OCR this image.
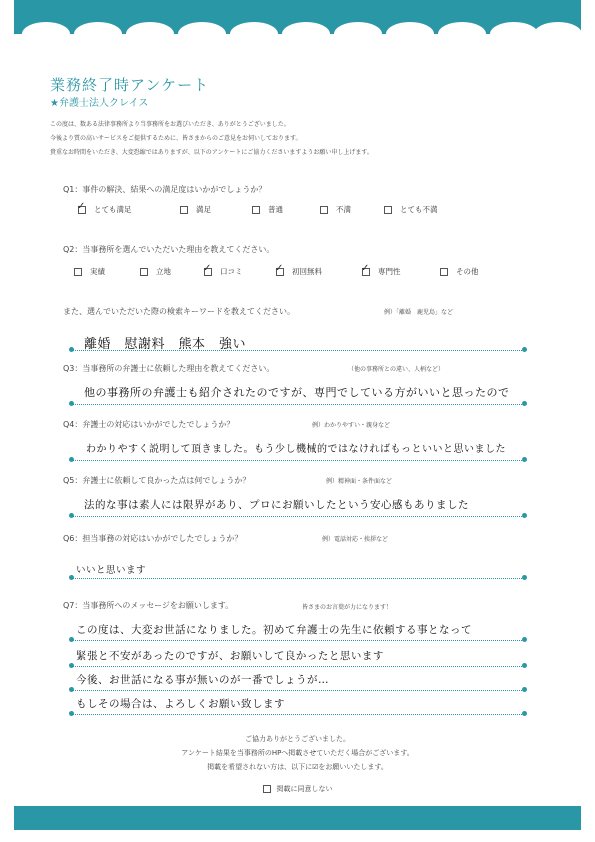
業務終了時アンケート
★弁護士法人クレイス
この度は、数ある法律事務所より当事務所をお選びいただき、ありがとうございました。
今後より質の高いサービスをご提供するために、皆さまからのご意見をお伺いしております。
貴重なお時間をいただき、大変恐縮ではありますが、以下のアンケートにご協力くださいますようお願い申し上げます。
Q1：事件の解決、結果への満足度はいかがでしょうか？
✓とても満足	満足	普通	不満	とても不満
Q2：当事務所を選んでいただいた理由を教えてください。
実績	立地 ✓	口コミ ✓	初回無料 ✓	専門性	その他
また、選んでいただいた際の検索キーワードを教えてください。	例）「離婚　鹿児島」など
離婚　慰謝料　熊本　強い
Q3：当事務所の弁護士に依頼した理由を教えてください。	（他の事務所との違い、人柄など）
他の事務所の弁護士も紹介されたのですが、専門でしている方がいいと思ったので
Q4：弁護士の対応はいかがでしたでしょうか？	例）わかりやすい・親身など
わかりやすく説明して頂きました。もう少し機械的ではなければもっといいと思いました
Q5：弁護士に依頼して良かった点は何でしょうか？	例）精神面・条件面など
法的な事は素人には限界があり、プロにお願いしたという安心感もありました
Q6：担当事務の対応はいかがでしたでしょうか？	例）電話対応・挨拶など
いいと思います
Q7：当事務所へのメッセージをお願いします。	皆さまのお言葉が力になります！
この度は、大変お世話になりました。初めて弁護士の先生に依頼する事となって
緊張と不安があったのですが、お願いして良かったと思います
今後、お世話になる事が無いのが一番でしょうが…
もしその場合は、よろしくお願い致します
ご協力ありがとうございました。
アンケート結果を当事務所のHPへ掲載させていただく場合がございます。
掲載を希望されない方は、以下に☑をお願いいたします。
掲載に同意しない
